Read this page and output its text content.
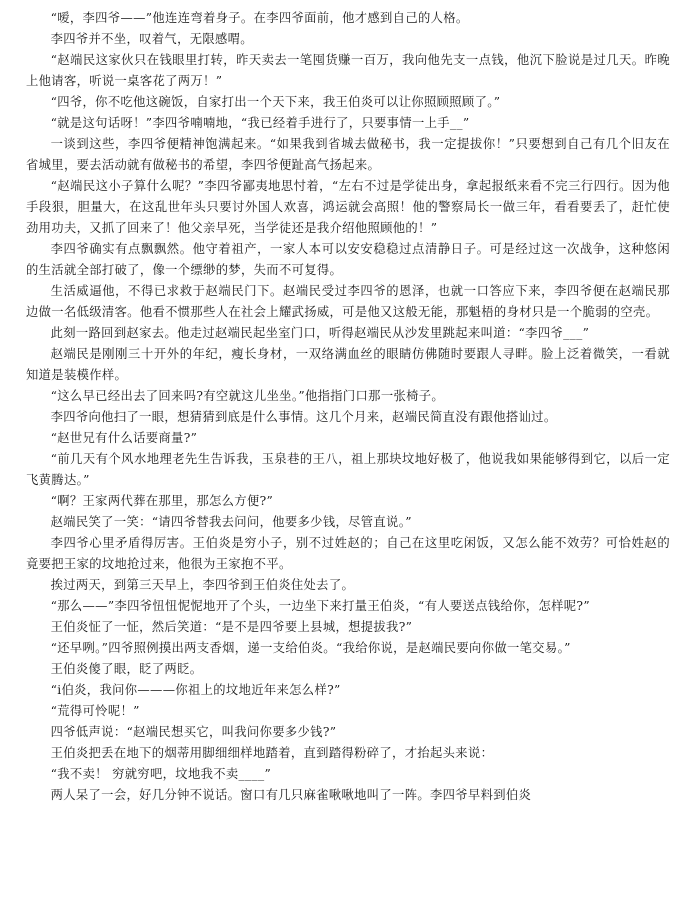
“嗳，李四爷——”他连连弯着身子。在李四爷面前，他才感到自己的人格。

李四爷并不坐，叹着气，无限感喟。

“赵端民这家伙只在钱眼里打转，昨天卖去一笔囤货赚一百万，我向他先支一点钱，他沉下脸说是过几天。昨晚上他请客，听说一桌客花了两万！”

“四爷，你不吃他这碗饭，自家打出一个天下来，我王伯炎可以让你照顾照顾了。”

“就是这句话呀！”李四爷喃喃地，“我已经着手进行了，只要事情一上手__”

一谈到这些，李四爷便精神饱满起来。“如果我到省城去做秘书，我一定提拔你！”只要想到自己有几个旧友在省城里，要去活动就有做秘书的希望，李四爷便趾高气扬起来。

“赵端民这小子算什么呢？”李四爷鄙夷地思忖着，“左右不过是学徒出身，拿起报纸来看不完三行四行。因为他手段狠，胆量大，在这乱世年头只要讨外国人欢喜，鸿运就会高照！他的警察局长一做三年，看看要丢了，赶忙使劲用功夫，又抓了回来了！他父亲早死，当学徒还是我介绍他照顾他的！”

李四爷确实有点飘飘然。他守着祖产，一家人本可以安安稳稳过点清静日子。可是经过这一次战争，这种悠闲的生活就全部打破了，像一个缥缈的梦，失而不可复得。

生活威逼他，不得已求救于赵端民门下。赵端民受过李四爷的恩泽，也就一口答应下来，李四爷便在赵端民那边做一名低级清客。他看不惯那些人在社会上耀武扬威，可是他又这般无能，那魁梧的身材只是一个脆弱的空壳。

此刻一路回到赵家去。他走过赵端民起坐室门口，听得赵端民从沙发里跳起来叫道：“李四爷___”

赵端民是刚刚三十开外的年纪，瘦长身材，一双络满血丝的眼睛仿佛随时要跟人寻畔。脸上泛着微笑，一看就知道是装模作样。

“这么早已经出去了回来吗?有空就这儿坐坐。”他指指门口那一张椅子。

李四爷向他扫了一眼，想猜猜到底是什么事情。这几个月来，赵端民简直没有跟他搭讪过。

“赵世兄有什么话要商量?”

“前几天有个风水地理老先生告诉我，玉泉巷的王八，祖上那块坟地好极了，他说我如果能够得到它，以后一定飞黄腾达。”

“啊？王家两代葬在那里，那怎么方便?”

赵端民笑了一笑：“请四爷替我去问问，他要多少钱，尽管直说。”

李四爷心里矛盾得厉害。王伯炎是穷小子，别不过姓赵的；自己在这里吃闲饭，又怎么能不效劳？可恰姓赵的竟要把王家的坟地抢过来，他很为王家抱不平。

挨过两天，到第三天早上，李四爷到王伯炎住处去了。

“那么——”李四爷忸忸怩怩地开了个头，一边坐下来打量王伯炎，“有人要送点钱给你，怎样呢?”

王伯炎怔了一怔，然后笑道：“是不是四爷要上县城，想提拔我?”

“还早咧。”四爷照例摸出两支香烟，递一支给伯炎。“我给你说，是赵端民要向你做一笔交易。”

王伯炎傻了眼，眨了两眨。

“i伯炎，我问你———你祖上的坟地近年来怎么样?”

“荒得可怜呢！”

四爷低声说：“赵端民想买它，叫我问你要多少钱?”

王伯炎把丢在地下的烟蒂用脚细细样地踏着，直到踏得粉碎了，才抬起头来说：

“我不卖！ 穷就穷吧，坟地我不卖____”

两人呆了一会，好几分钟不说话。窗口有几只麻雀啾啾地叫了一阵。李四爷早料到伯炎
